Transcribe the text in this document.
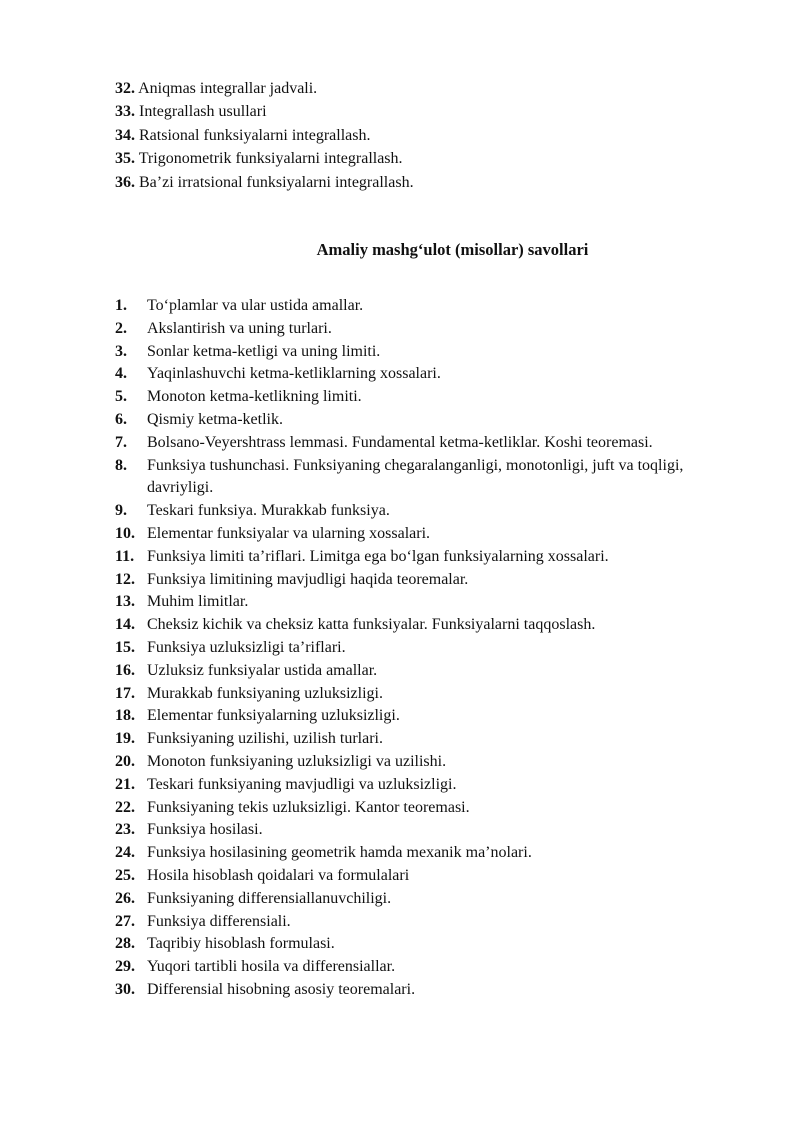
32. Aniqmas integrallar jadvali.
33. Integrallash usullari
34. Ratsional funksiyalarni integrallash.
35. Trigonometrik funksiyalarni integrallash.
36. Ba’zi irratsional funksiyalarni integrallash.
Amaliy mashg‘ulot (misollar) savollari
1.	To‘plamlar va ular ustida amallar.
2.	Akslantirish va uning turlari.
3.	Sonlar ketma-ketligi va uning limiti.
4.	Yaqinlashuvchi ketma-ketliklarning xossalari.
5.	Monoton ketma-ketlikning limiti.
6.	Qismiy ketma-ketlik.
7.	Bolsano-Veyershtrass lemmasi. Fundamental ketma-ketliklar. Koshi teoremasi.
8.	Funksiya tushunchasi. Funksiyaning chegaralanganligi, monotonligi, juft va toqligi, davriyligi.
9.	Teskari funksiya. Murakkab funksiya.
10. Elementar funksiyalar va ularning xossalari.
11. Funksiya limiti ta’riflari. Limitga ega bo‘lgan funksiyalarning xossalari.
12. Funksiya limitining mavjudligi haqida teoremalar.
13. Muhim limitlar.
14. Cheksiz kichik va cheksiz katta funksiyalar. Funksiyalarni taqqoslash.
15. Funksiya uzluksizligi ta’riflari.
16. Uzluksiz funksiyalar ustida amallar.
17. Murakkab funksiyaning uzluksizligi.
18. Elementar funksiyalarning uzluksizligi.
19. Funksiyaning uzilishi, uzilish turlari.
20. Monoton funksiyaning uzluksizligi va uzilishi.
21. Teskari funksiyaning mavjudligi va uzluksizligi.
22. Funksiyaning tekis uzluksizligi. Kantor teoremasi.
23. Funksiya hosilasi.
24. Funksiya hosilasining geometrik hamda mexanik ma’nolari.
25. Hosila hisoblash qoidalari va formulalari
26. Funksiyaning differensiallanuvchiligi.
27. Funksiya differensiali.
28. Taqribiy hisoblash formulasi.
29. Yuqori tartibli hosila va differensiallar.
30. Differensial hisobning asosiy teoremalari.
